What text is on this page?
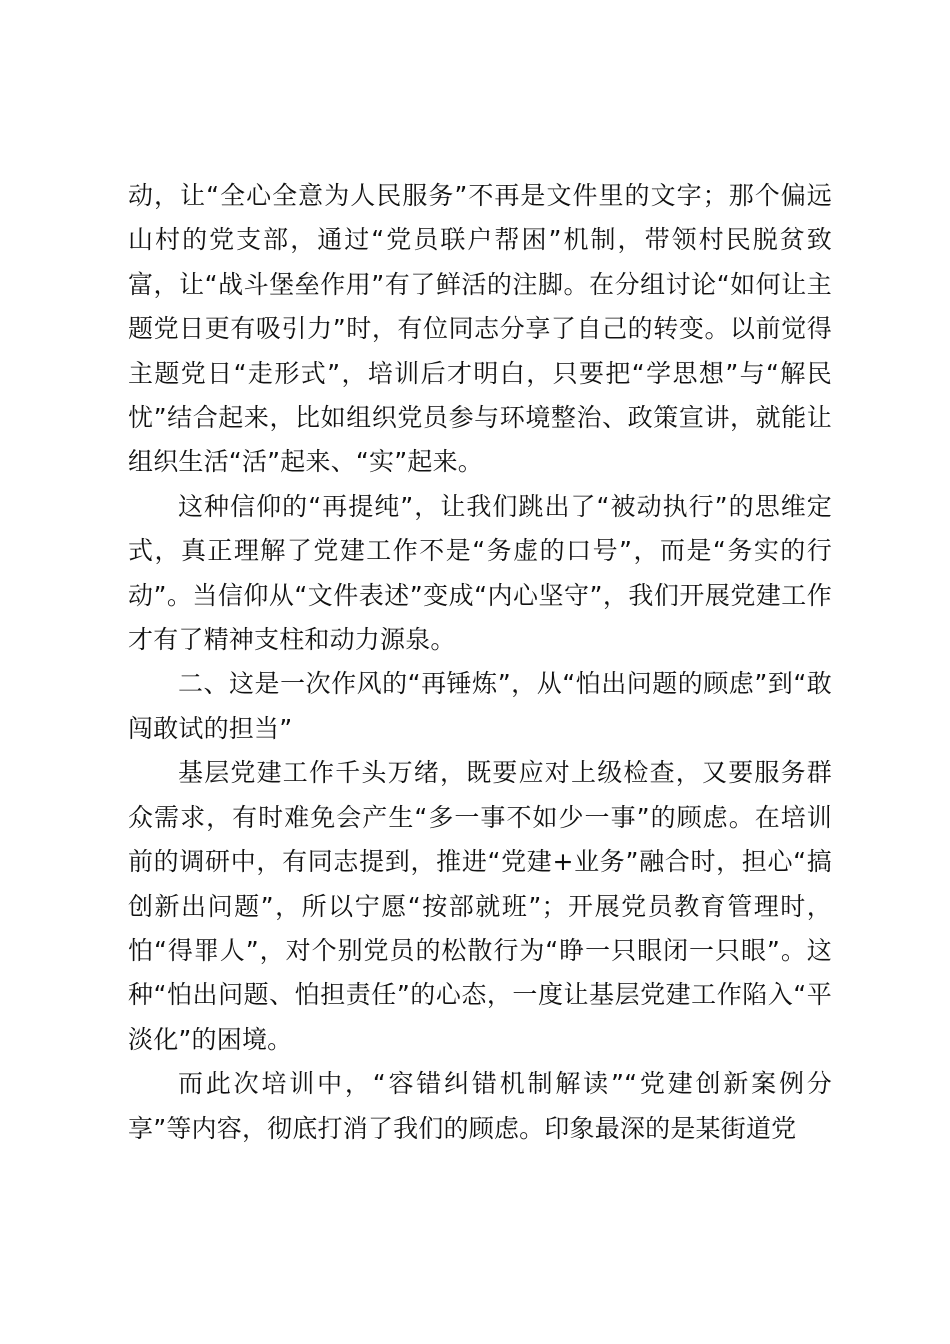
动，让“全心全意为人民服务”不再是文件里的文字；那个偏远山村的党支部，通过“党员联户帮困”机制，带领村民脱贫致富，让“战斗堡垒作用”有了鲜活的注脚。在分组讨论“如何让主题党日更有吸引力”时，有位同志分享了自己的转变。以前觉得主题党日“走形式”，培训后才明白，只要把“学思想”与“解民忧”结合起来，比如组织党员参与环境整治、政策宣讲，就能让组织生活“活”起来、“实”起来。

这种信仰的“再提纯”，让我们跳出了“被动执行”的思维定式，真正理解了党建工作不是“务虚的口号”，而是“务实的行动”。当信仰从“文件表述”变成“内心坚守”，我们开展党建工作才有了精神支柱和动力源泉。

二、这是一次作风的“再锤炼”，从“怕出问题的顾虑”到“敢闯敢试的担当”

基层党建工作千头万绪，既要应对上级检查，又要服务群众需求，有时难免会产生“多一事不如少一事”的顾虑。在培训前的调研中，有同志提到，推进“党建+业务”融合时，担心“搞创新出问题”，所以宁愿“按部就班”；开展党员教育管理时，怕“得罪人”，对个别党员的松散行为“睁一只眼闭一只眼”。这种“怕出问题、怕担责任”的心态，一度让基层党建工作陷入“平淡化”的困境。

而此次培训中，“容错纠错机制解读”“党建创新案例分享”等内容，彻底打消了我们的顾虑。印象最深的是某街道党
